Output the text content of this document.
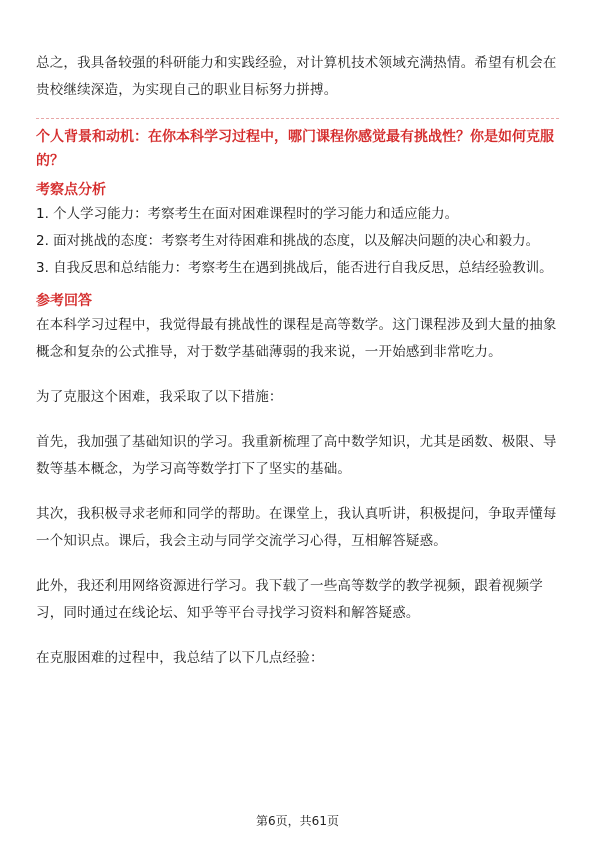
总之，我具备较强的科研能力和实践经验，对计算机技术领域充满热情。希望有机会在贵校继续深造，为实现自己的职业目标努力拼搏。

个人背景和动机：在你本科学习过程中，哪门课程你感觉最有挑战性？你是如何克服的？

考察点分析

1. 个人学习能力：考察考生在面对困难课程时的学习能力和适应能力。

2. 面对挑战的态度：考察考生对待困难和挑战的态度，以及解决问题的决心和毅力。

3. 自我反思和总结能力：考察考生在遇到挑战后，能否进行自我反思，总结经验教训。

参考回答

在本科学习过程中，我觉得最有挑战性的课程是高等数学。这门课程涉及到大量的抽象概念和复杂的公式推导，对于数学基础薄弱的我来说，一开始感到非常吃力。

为了克服这个困难，我采取了以下措施：

首先，我加强了基础知识的学习。我重新梳理了高中数学知识，尤其是函数、极限、导数等基本概念，为学习高等数学打下了坚实的基础。

其次，我积极寻求老师和同学的帮助。在课堂上，我认真听讲，积极提问，争取弄懂每一个知识点。课后，我会主动与同学交流学习心得，互相解答疑惑。

此外，我还利用网络资源进行学习。我下载了一些高等数学的教学视频，跟着视频学习，同时通过在线论坛、知乎等平台寻找学习资料和解答疑惑。

在克服困难的过程中，我总结了以下几点经验：

第6页，共61页
